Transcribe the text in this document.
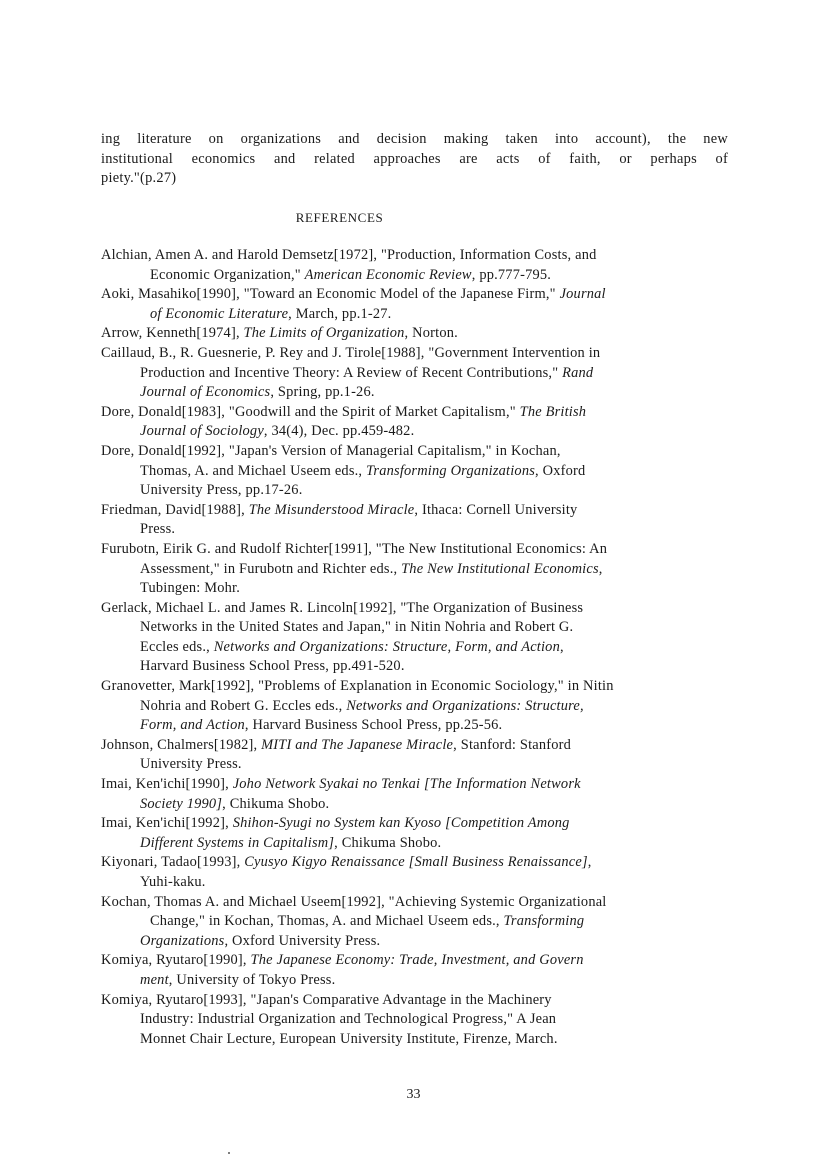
ing literature on organizations and decision making taken into account), the new
institutional economics and related approaches are acts of faith, or perhaps of
piety."(p.27)
REFERENCES
Alchian, Amen A. and Harold Demsetz[1972], "Production, Information Costs, and
Economic Organization," American Economic Review, pp.777-795.
Aoki, Masahiko[1990], "Toward an Economic Model of the Japanese Firm," Journal
of Economic Literature, March, pp.1-27.
Arrow, Kenneth[1974], The Limits of Organization, Norton.
Caillaud, B., R. Guesnerie, P. Rey and J. Tirole[1988], "Government Intervention in
Production and Incentive Theory: A Review of Recent Contributions," Rand
Journal of Economics, Spring, pp.1-26.
Dore, Donald[1983], "Goodwill and the Spirit of Market Capitalism," The British
Journal of Sociology, 34(4), Dec. pp.459-482.
Dore, Donald[1992], "Japan's Version of Managerial Capitalism," in Kochan,
Thomas, A. and Michael Useem eds., Transforming Organizations, Oxford
University Press, pp.17-26.
Friedman, David[1988], The Misunderstood Miracle, Ithaca: Cornell University
Press.
Furubotn, Eirik G. and Rudolf Richter[1991], "The New Institutional Economics: An
Assessment," in Furubotn and Richter eds., The New Institutional Economics,
Tubingen: Mohr.
Gerlack, Michael L. and James R. Lincoln[1992], "The Organization of Business
Networks in the United States and Japan," in Nitin Nohria and Robert G.
Eccles eds., Networks and Organizations: Structure, Form, and Action,
Harvard Business School Press, pp.491-520.
Granovetter, Mark[1992], "Problems of Explanation in Economic Sociology," in Nitin
Nohria and Robert G. Eccles eds., Networks and Organizations: Structure,
Form, and Action, Harvard Business School Press, pp.25-56.
Johnson, Chalmers[1982], MITI and The Japanese Miracle, Stanford: Stanford
University Press.
Imai, Ken'ichi[1990], Joho Network Syakai no Tenkai [The Information Network
Society 1990], Chikuma Shobo.
Imai, Ken'ichi[1992], Shihon-Syugi no System kan Kyoso [Competition Among
Different Systems in Capitalism], Chikuma Shobo.
Kiyonari, Tadao[1993], Cyusyo Kigyo Renaissance [Small Business Renaissance],
Yuhi-kaku.
Kochan, Thomas A. and Michael Useem[1992], "Achieving Systemic Organizational
Change," in Kochan, Thomas, A. and Michael Useem eds., Transforming
Organizations, Oxford University Press.
Komiya, Ryutaro[1990], The Japanese Economy: Trade, Investment, and Govern
ment, University of Tokyo Press.
Komiya, Ryutaro[1993], "Japan's Comparative Advantage in the Machinery
Industry: Industrial Organization and Technological Progress," A Jean
Monnet Chair Lecture, European University Institute, Firenze, March.
33
